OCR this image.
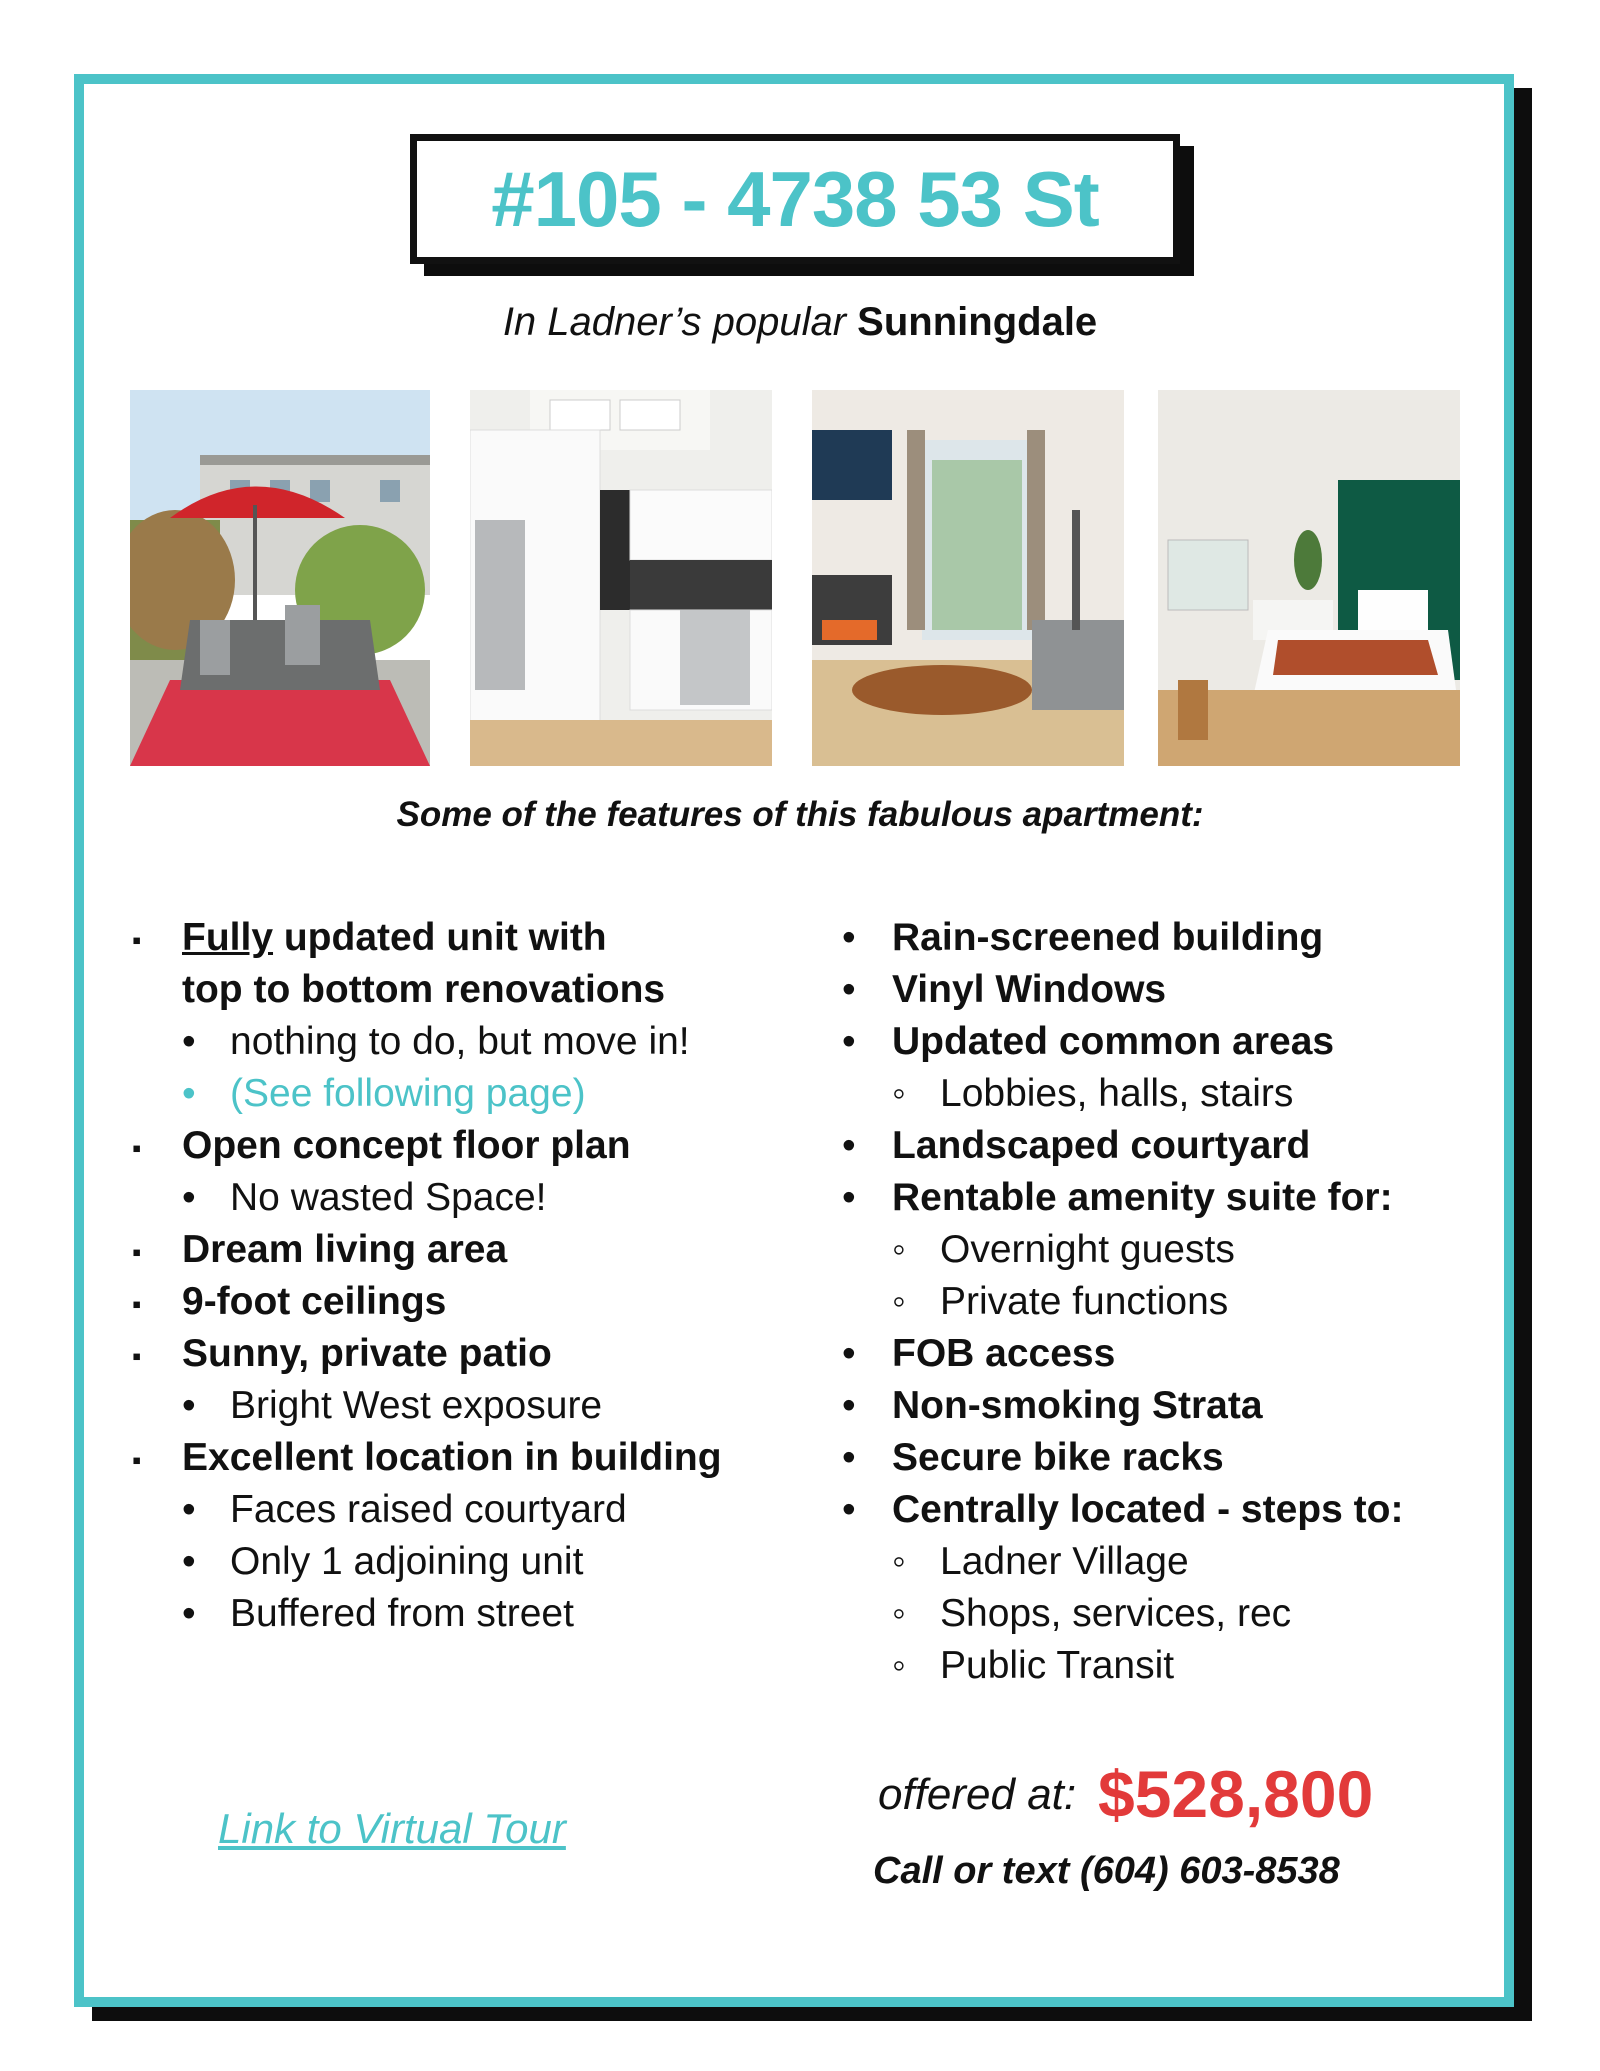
#105 - 4738 53 St
In Ladner’s popular Sunningdale
Some of the features of this fabulous apartment:
▪ Fully updated unit with
top to bottom renovations
• nothing to do, but move in!
• (See following page)
▪ Open concept floor plan
• No wasted Space!
▪ Dream living area
▪ 9-foot ceilings
▪ Sunny, private patio
• Bright West exposure
▪ Excellent location in building
• Faces raised courtyard
• Only 1 adjoining unit
• Buffered from street
• Rain-screened building
• Vinyl Windows
• Updated common areas
◦ Lobbies, halls, stairs
• Landscaped courtyard
• Rentable amenity suite for:
◦ Overnight guests
◦ Private functions
• FOB access
• Non-smoking Strata
• Secure bike racks
• Centrally located - steps to:
◦ Ladner Village
◦ Shops, services, rec
◦ Public Transit
Link to Virtual Tour
offered at: $528,800
Call or text (604) 603-8538
